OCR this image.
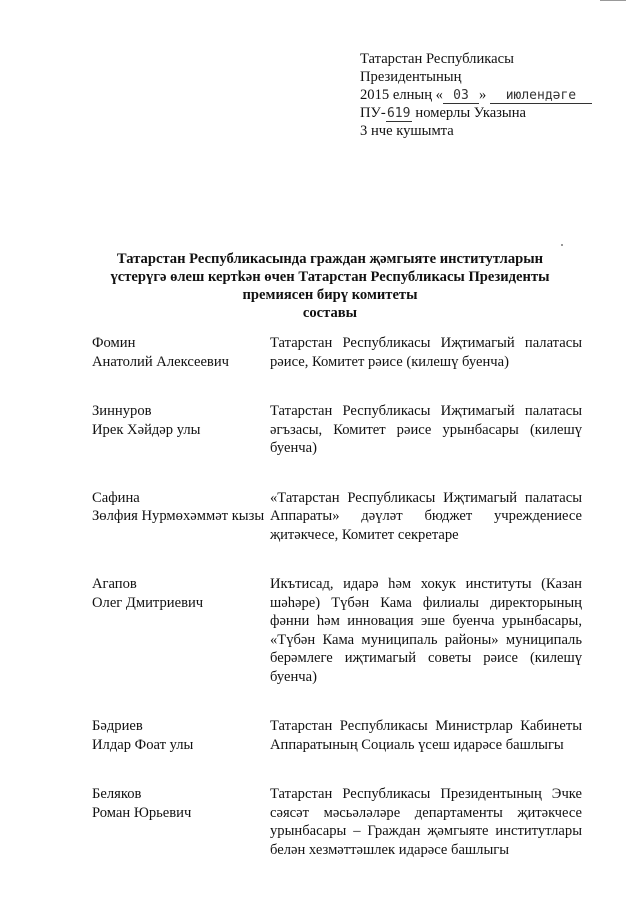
Татарстан Республикасы
Президентының
2015 елның « 03 » июлендәге
ПУ-619 номерлы Указына
3 нче кушымта
Татарстан Республикасында граждан җәмгыяте институтларын
үстерүгә өлеш кертkән өчен Татарстан Республикасы Президенты
премиясен бирү комитеты
составы
Фомин
Анатолий Алексеевич
Татарстан Республикасы Иҗтимагый палатасы рәисе, Комитет рәисе (килешү буенча)
Зиннуров
Ирек Хәйдәр улы
Татарстан Республикасы Иҗтимагый палатасы әгъзасы, Комитет рәисе урынбасары (килешү буенча)
Сафина
Зөлфия Нурмөхәммәт кызы
«Татарстан Республикасы Иҗтимагый палатасы Аппараты» дәүләт бюджет учреждениесе җитәкчесе, Комитет секретаре
Агапов
Олег Дмитриевич
Икътисад, идарә һәм хокук институты (Казан шәһәре) Түбән Кама филиалы директорының фәнни һәм инновация эше буенча урынбасары, «Түбән Кама муниципаль районы» муниципаль берәмлеге иҗтимагый советы рәисе (килешү буенча)
Бәдриев
Илдар Фоат улы
Татарстан Республикасы Министрлар Кабинеты Аппаратының Социаль үсеш идарәсе башлыгы
Беляков
Роман Юрьевич
Татарстан Республикасы Президентының Эчке сәясәт мәсьәләләре департаменты җитәкчесе урынбасары – Граждан җәмгыяте институтлары белән хезмәттәшлек идарәсе башлыгы
